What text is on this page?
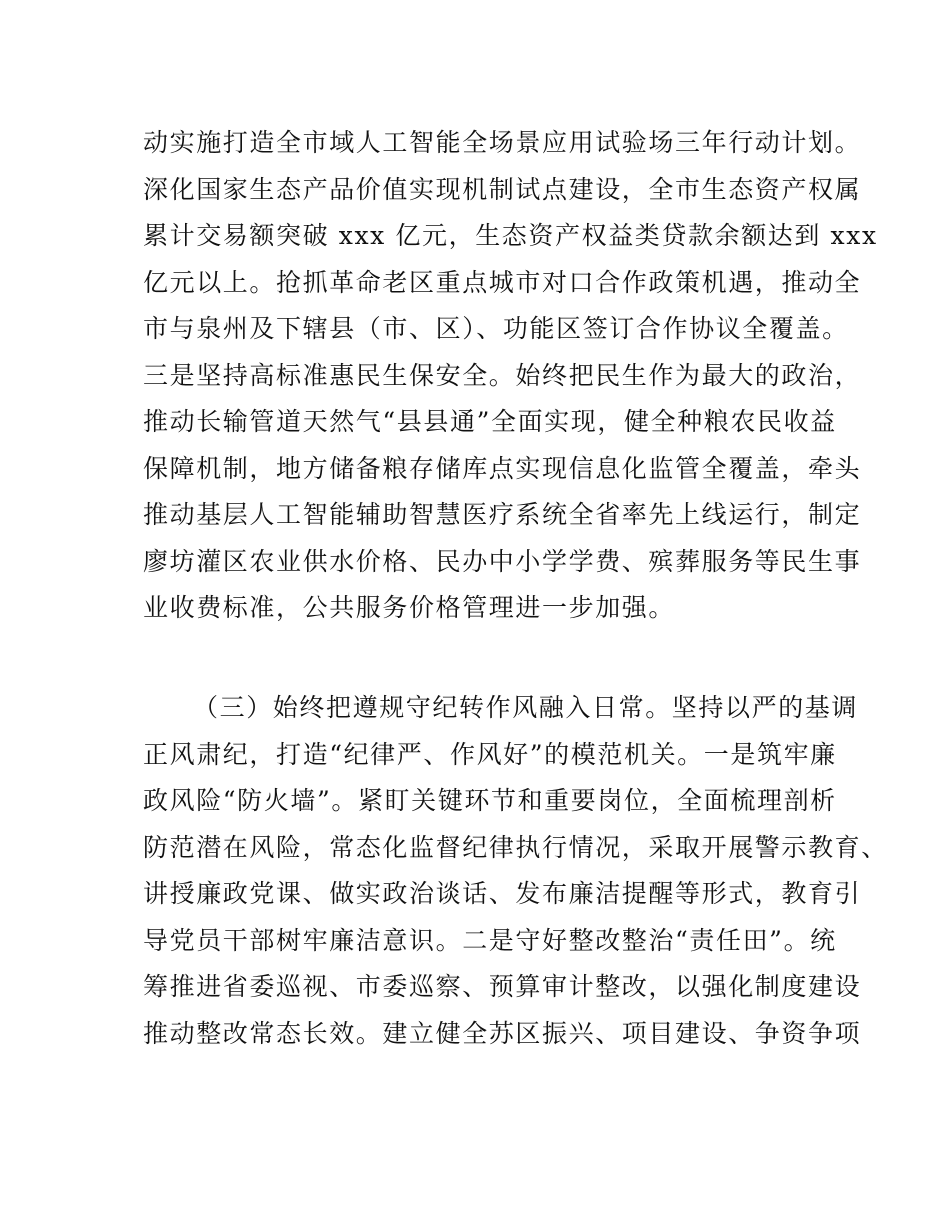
动实施打造全市域人工智能全场景应用试验场三年行动计划。
深化国家生态产品价值实现机制试点建设，全市生态资产权属
累计交易额突破 xxx 亿元，生态资产权益类贷款余额达到 xxx
亿元以上。抢抓革命老区重点城市对口合作政策机遇，推动全
市与泉州及下辖县（市、区）、功能区签订合作协议全覆盖。
三是坚持高标准惠民生保安全。始终把民生作为最大的政治，
推动长输管道天然气“县县通”全面实现，健全种粮农民收益
保障机制，地方储备粮存储库点实现信息化监管全覆盖，牵头
推动基层人工智能辅助智慧医疗系统全省率先上线运行，制定
廖坊灌区农业供水价格、民办中小学学费、殡葬服务等民生事
业收费标准，公共服务价格管理进一步加强。
（三）始终把遵规守纪转作风融入日常。坚持以严的基调
正风肃纪，打造“纪律严、作风好”的模范机关。一是筑牢廉
政风险“防火墙”。紧盯关键环节和重要岗位，全面梳理剖析
防范潜在风险，常态化监督纪律执行情况，采取开展警示教育、
讲授廉政党课、做实政治谈话、发布廉洁提醒等形式，教育引
导党员干部树牢廉洁意识。二是守好整改整治“责任田”。统
筹推进省委巡视、市委巡察、预算审计整改，以强化制度建设
推动整改常态长效。建立健全苏区振兴、项目建设、争资争项
